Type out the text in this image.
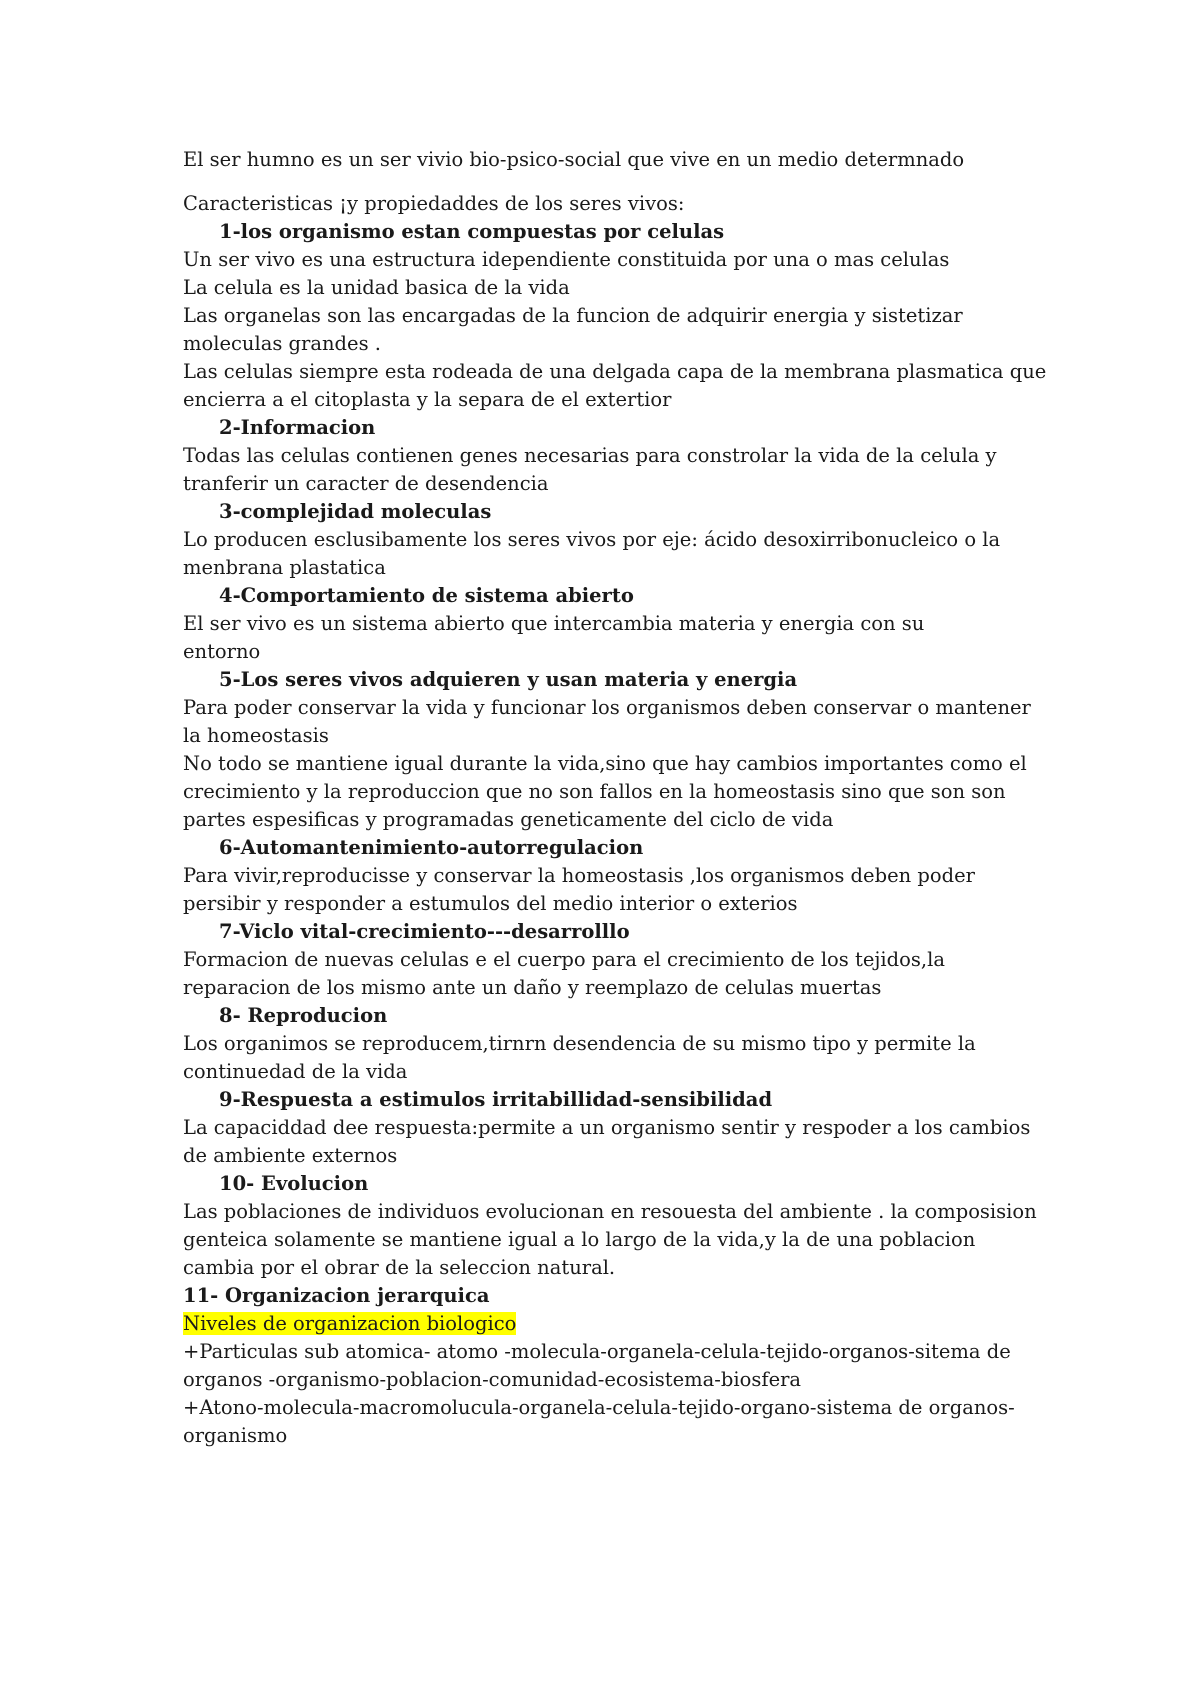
El ser humno es un ser vivio bio-psico-social que vive en un medio determnado
Caracteristicas ¡y propiedaddes de los seres vivos:
1-los organismo estan compuestas por celulas
Un ser vivo es una estructura idependiente constituida por una o mas celulas
La celula es la unidad basica de la vida
Las organelas son las encargadas de la funcion de adquirir energia y sistetizar
moleculas grandes .
Las celulas siempre esta rodeada de una delgada capa de la membrana plasmatica que
encierra a el citoplasta y la separa de el extertior
2-Informacion
Todas las celulas contienen genes necesarias para constrolar la vida de la celula y
tranferir un caracter de desendencia
3-complejidad moleculas
Lo producen esclusibamente los seres vivos por eje: ácido desoxirribonucleico o la
menbrana plastatica
4-Comportamiento de sistema abierto
El ser vivo es un sistema abierto que intercambia materia y energia con su
entorno
5-Los seres vivos adquieren y usan materia y energia
Para poder conservar la vida y funcionar los organismos deben conservar o mantener
la homeostasis
No todo se mantiene igual durante la vida,sino que hay cambios importantes como el
crecimiento y la reproduccion que no son fallos en la homeostasis sino que son son
partes espesificas y programadas geneticamente del ciclo de vida
6-Automantenimiento-autorregulacion
Para vivir,reproducisse y conservar la homeostasis ,los organismos deben poder
persibir y responder a estumulos del medio interior o exterios
7-Viclo vital-crecimiento---desarrolllo
Formacion de nuevas celulas e el cuerpo para el crecimiento de los tejidos,la
reparacion de los mismo ante un daño y reemplazo de celulas muertas
8- Reproducion
Los organimos se reproducem,tirnrn desendencia de su mismo tipo y permite la
continuedad de la vida
9-Respuesta a estimulos irritabillidad-sensibilidad
La capaciddad dee respuesta:permite a un organismo sentir y respoder a los cambios
de ambiente externos
10- Evolucion
Las poblaciones de individuos evolucionan en resouesta del ambiente . la composision
genteica solamente se mantiene igual a lo largo de la vida,y la de una poblacion
cambia por el obrar de la seleccion natural.
11- Organizacion jerarquica
Niveles de organizacion biologico
+Particulas sub atomica- atomo -molecula-organela-celula-tejido-organos-sitema de
organos -organismo-poblacion-comunidad-ecosistema-biosfera
+Atono-molecula-macromolucula-organela-celula-tejido-organo-sistema de organos-
organismo
